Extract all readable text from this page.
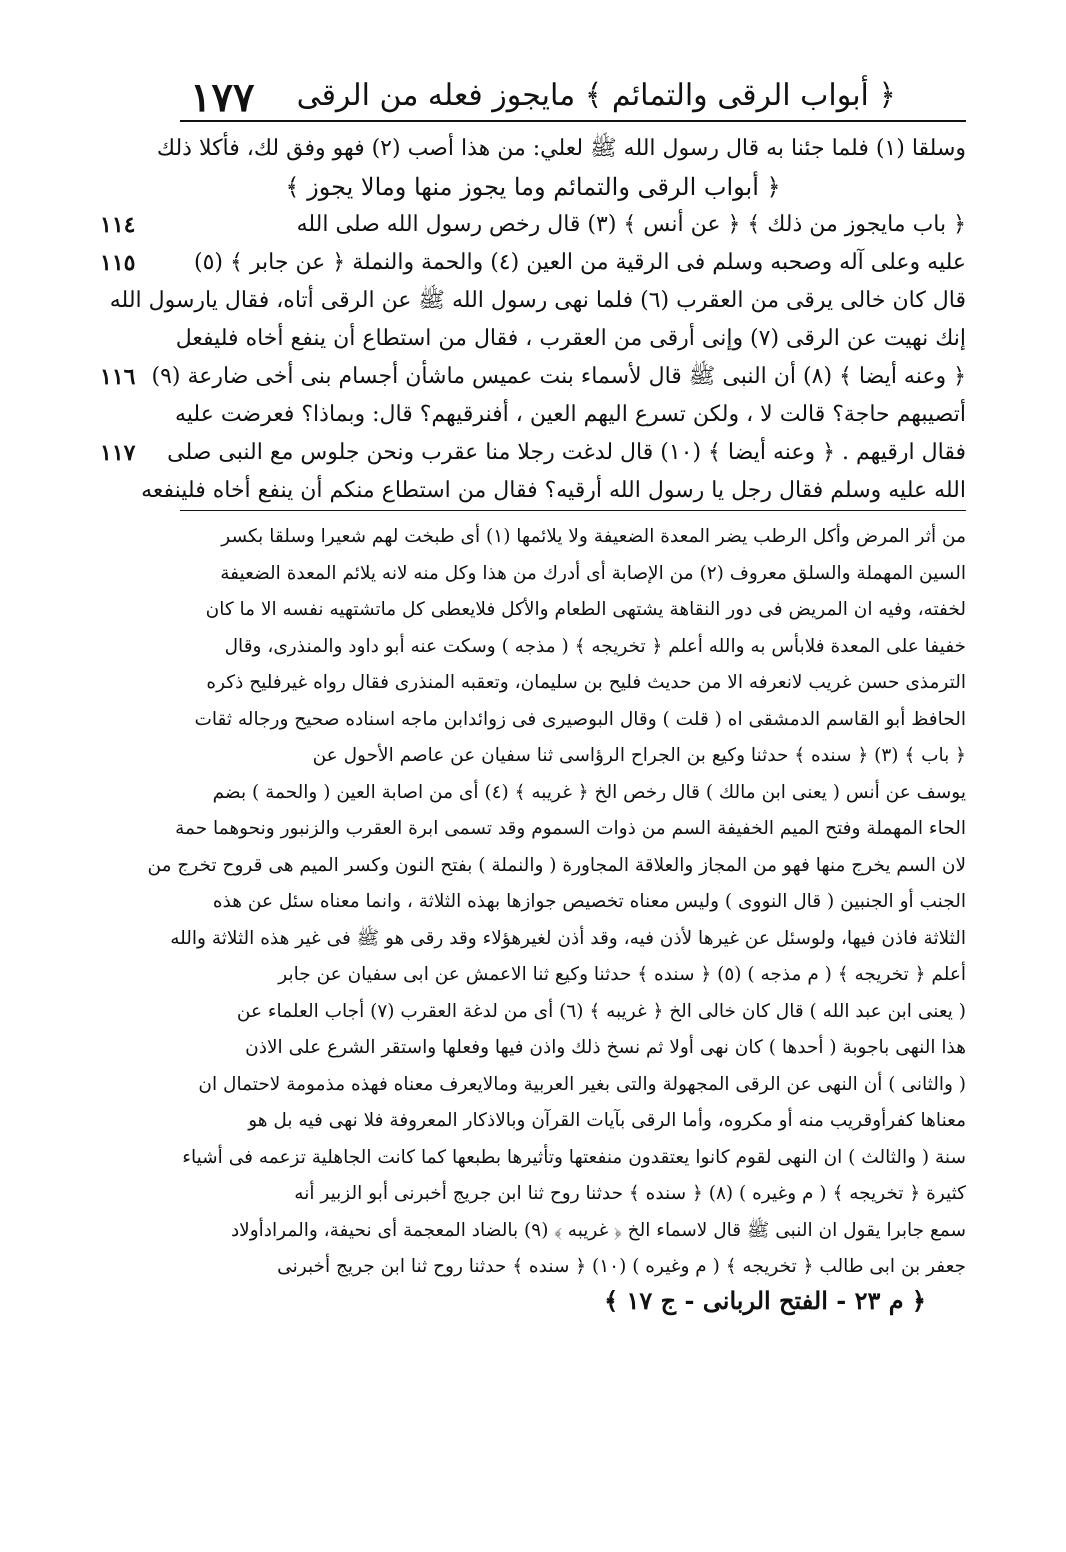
١٧٧ ﴿ أبواب الرقى والتمائم ﴾ مايجوز فعله من الرقى
وسلقا (١) فلما جئنا به قال رسول الله ﷺ لعلي: من هذا أصب (٢) فهو وفق لك، فأكلا ذلك
﴿ أبواب الرقى والتمائم وما يجوز منها ومالا يجوز ﴾
١١٤	﴿ باب مايجوز من ذلك ﴾ ﴿ عن أنس ﴾ (٣) قال رخص رسول الله صلى الله
١١٥	عليه وعلى آله وصحبه وسلم فى الرقية من العين (٤) والحمة والنملة ﴿ عن جابر ﴾ (٥)
قال كان خالى يرقى من العقرب (٦) فلما نهى رسول الله ﷺ عن الرقى أتاه، فقال يارسول الله
إنك نهيت عن الرقى (٧) وإنى أرقى من العقرب ، فقال من استطاع أن ينفع أخاه فليفعل
١١٦ ﴿ وعنه أيضا ﴾ (٨) أن النبى ﷺ قال لأسماء بنت عميس ماشأن أجسام بنى أخى ضارعة (٩)
أتصيبهم حاجة؟ قالت لا ، ولكن تسرع اليهم العين ، أفنرقيهم؟ قال: وبماذا؟ فعرضت عليه
١١٧	فقال ارقيهم . ﴿ وعنه أيضا ﴾ (١٠) قال لدغت رجلا منا عقرب ونحن جلوس مع النبى صلى
الله عليه وسلم فقال رجل يا رسول الله أرقيه؟ فقال من استطاع منكم أن ينفع أخاه فلينفعه
من أثر المرض وأكل الرطب يضر المعدة الضعيفة ولا يلائمها (١) أى طبخت لهم شعيرا وسلقا بكسر
السين المهملة والسلق معروف (٢) من الإصابة أى أدرك من هذا وكل منه لانه يلائم المعدة الضعيفة
لخفته، وفيه ان المريض فى دور النقاهة يشتهى الطعام والأكل فلايعطى كل ماتشتهيه نفسه الا ما كان
خفيفا على المعدة فلابأس به والله أعلم ﴿ تخريجه ﴾ ( مذجه ) وسكت عنه أبو داود والمنذرى، وقال
الترمذى حسن غريب لانعرفه الا من حديث فليح بن سليمان، وتعقبه المنذرى فقال رواه غيرفليح ذكره
الحافظ أبو القاسم الدمشقى اه ( قلت ) وقال البوصيرى فى زوائدابن ماجه اسناده صحيح ورجاله ثقات
﴿ باب ﴾ (٣) ﴿ سنده ﴾ حدثنا وكيع بن الجراح الرؤاسى ثنا سفيان عن عاصم الأحول عن
يوسف عن أنس ( يعنى ابن مالك ) قال رخص الخ ﴿ غريبه ﴾ (٤) أى من اصابة العين ( والحمة ) بضم
الحاء المهملة وفتح الميم الخفيفة السم من ذوات السموم وقد تسمى ابرة العقرب والزنبور ونحوهما حمة
لان السم يخرج منها فهو من المجاز والعلاقة المجاورة ( والنملة ) بفتح النون وكسر الميم هى قروح تخرج من
الجنب أو الجنبين ( قال النووى ) وليس معناه تخصيص جوازها بهذه الثلاثة ، وانما معناه سئل عن هذه
الثلاثة فاذن فيها، ولوسئل عن غيرها لأذن فيه، وقد أذن لغيرهؤلاء وقد رقى هو ﷺ فى غير هذه الثلاثة والله
أعلم ﴿ تخريجه ﴾ ( م مذجه ) (٥) ﴿ سنده ﴾ حدثنا وكيع ثنا الاعمش عن ابى سفيان عن جابر
( يعنى ابن عبد الله ) قال كان خالى الخ ﴿ غريبه ﴾ (٦) أى من لدغة العقرب (٧) أجاب العلماء عن
هذا النهى باجوبة ( أحدها ) كان نهى أولا ثم نسخ ذلك واذن فيها وفعلها واستقر الشرع على الاذن
( والثانى ) أن النهى عن الرقى المجهولة والتى بغير العربية ومالايعرف معناه فهذه مذمومة لاحتمال ان
معناها كفرأوقريب منه أو مكروه، وأما الرقى بآيات القرآن وبالاذكار المعروفة فلا نهى فيه بل هو
سنة ( والثالث ) ان النهى لقوم كانوا يعتقدون منفعتها وتأثيرها بطبعها كما كانت الجاهلية تزعمه فى أشياء
كثيرة ﴿ تخريجه ﴾ ( م وغيره ) (٨) ﴿ سنده ﴾ حدثنا روح ثنا ابن جريج أخبرنى أبو الزبير أنه
سمع جابرا يقول ان النبى ﷺ قال لاسماء الخ ﴿ غريبه ﴾ (٩) بالضاد المعجمة أى نحيفة، والمرادأولاد
جعفر بن ابى طالب ﴿ تخريجه ﴾ ( م وغيره ) (١٠) ﴿ سنده ﴾ حدثنا روح ثنا ابن جريج أخبرنى
﴿ م ٢٣ - الفتح الربانى - ج ١٧ ﴾
